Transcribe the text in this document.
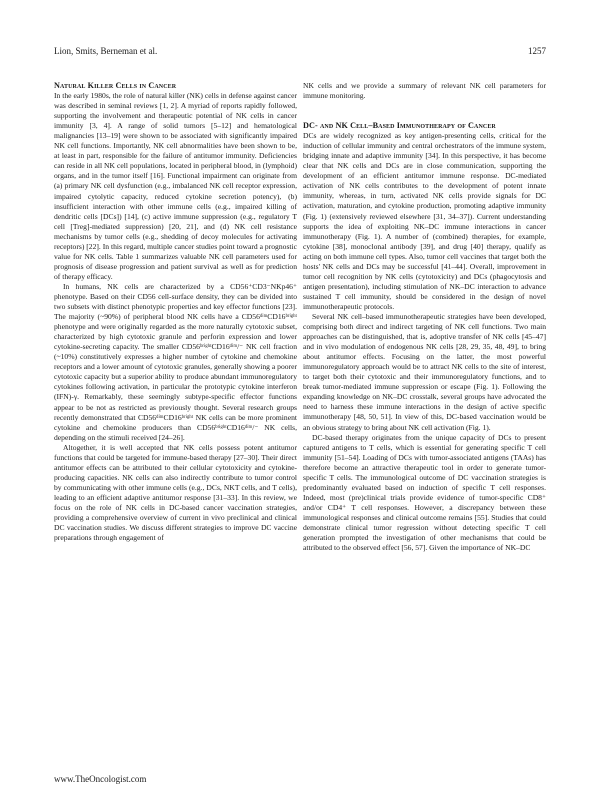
Lion, Smits, Berneman et al.	1257
Natural Killer Cells in Cancer

In the early 1980s, the role of natural killer (NK) cells in defense against cancer was described in seminal reviews [1, 2]. A myriad of reports rapidly followed, supporting the involvement and therapeutic potential of NK cells in cancer immunity [3, 4]. A range of solid tumors [5–12] and hematological malignancies [13–19] were shown to be associated with significantly impaired NK cell functions. Importantly, NK cell abnormalities have been shown to be, at least in part, responsible for the failure of antitumor immunity. Deficiencies can reside in all NK cell populations, located in peripheral blood, in (lymphoid) organs, and in the tumor itself [16]. Functional impairment can originate from (a) primary NK cell dysfunction (e.g., imbalanced NK cell receptor expression, impaired cytolytic capacity, reduced cytokine secretion potency), (b) insufficient interaction with other immune cells (e.g., impaired killing of dendritic cells [DCs]) [14], (c) active immune suppression (e.g., regulatory T cell [Treg]-mediated suppression) [20, 21], and (d) NK cell resistance mechanisms by tumor cells (e.g., shedding of decoy molecules for activating receptors) [22]. In this regard, multiple cancer studies point toward a prognostic value for NK cells. Table 1 summarizes valuable NK cell parameters used for prognosis of disease progression and patient survival as well as for prediction of therapy efficacy.

In humans, NK cells are characterized by a CD56⁺CD3⁻NKp46⁺ phenotype. Based on their CD56 cell-surface density, they can be divided into two subsets with distinct phenotypic properties and key effector functions [23]. The majority (~90%) of peripheral blood NK cells have a CD56ᵈⁱᵐCD16ᵇʳⁱᵍʰᵗ phenotype and were originally regarded as the more naturally cytotoxic subset, characterized by high cytotoxic granule and perforin expression and lower cytokine-secreting capacity. The smaller CD56ᵇʳⁱᵍʰᵗCD16ᵈⁱᵐ/⁻ NK cell fraction (~10%) constitutively expresses a higher number of cytokine and chemokine receptors and a lower amount of cytotoxic granules, generally showing a poorer cytotoxic capacity but a superior ability to produce abundant immunoregulatory cytokines following activation, in particular the prototypic cytokine interferon (IFN)-γ. Remarkably, these seemingly subtype-specific effector functions appear to be not as restricted as previously thought. Several research groups recently demonstrated that CD56ᵈⁱᵐCD16ᵇʳⁱᵍʰᵗ NK cells can be more prominent cytokine and chemokine producers than CD56ᵇʳⁱᵍʰᵗCD16ᵈⁱᵐ/⁻ NK cells, depending on the stimuli received [24–26].

Altogether, it is well accepted that NK cells possess potent antitumor functions that could be targeted for immune-based therapy [27–30]. Their direct antitumor effects can be attributed to their cellular cytotoxicity and cytokine-producing capacities. NK cells can also indirectly contribute to tumor control by communicating with other immune cells (e.g., DCs, NKT cells, and T cells), leading to an efficient adaptive antitumor response [31–33]. In this review, we focus on the role of NK cells in DC-based cancer vaccination strategies, providing a comprehensive overview of current in vivo preclinical and clinical DC vaccination studies. We discuss different strategies to improve DC vaccine preparations through engagement of

NK cells and we provide a summary of relevant NK cell parameters for immune monitoring.

DC- and NK Cell–Based Immunotherapy of Cancer

DCs are widely recognized as key antigen-presenting cells, critical for the induction of cellular immunity and central orchestrators of the immune system, bridging innate and adaptive immunity [34]. In this perspective, it has become clear that NK cells and DCs are in close communication, supporting the development of an efficient antitumor immune response. DC-mediated activation of NK cells contributes to the development of potent innate immunity, whereas, in turn, activated NK cells provide signals for DC activation, maturation, and cytokine production, promoting adaptive immunity (Fig. 1) (extensively reviewed elsewhere [31, 34–37]). Current understanding supports the idea of exploiting NK–DC immune interactions in cancer immunotherapy (Fig. 1). A number of (combined) therapies, for example, cytokine [38], monoclonal antibody [39], and drug [40] therapy, qualify as acting on both immune cell types. Also, tumor cell vaccines that target both the hosts' NK cells and DCs may be successful [41–44]. Overall, improvement in tumor cell recognition by NK cells (cytotoxicity) and DCs (phagocytosis and antigen presentation), including stimulation of NK–DC interaction to advance sustained T cell immunity, should be considered in the design of novel immunotherapeutic protocols.

Several NK cell–based immunotherapeutic strategies have been developed, comprising both direct and indirect targeting of NK cell functions. Two main approaches can be distinguished, that is, adoptive transfer of NK cells [45–47] and in vivo modulation of endogenous NK cells [28, 29, 35, 48, 49], to bring about antitumor effects. Focusing on the latter, the most powerful immunoregulatory approach would be to attract NK cells to the site of interest, to target both their cytotoxic and their immunoregulatory functions, and to break tumor-mediated immune suppression or escape (Fig. 1). Following the expanding knowledge on NK–DC crosstalk, several groups have advocated the need to harness these immune interactions in the design of active specific immunotherapy [48, 50, 51]. In view of this, DC-based vaccination would be an obvious strategy to bring about NK cell activation (Fig. 1).

DC-based therapy originates from the unique capacity of DCs to present captured antigens to T cells, which is essential for generating specific T cell immunity [51–54]. Loading of DCs with tumor-associated antigens (TAAs) has therefore become an attractive therapeutic tool in order to generate tumor-specific T cells. The immunological outcome of DC vaccination strategies is predominantly evaluated based on induction of specific T cell responses. Indeed, most (pre)clinical trials provide evidence of tumor-specific CD8⁺ and/or CD4⁺ T cell responses. However, a discrepancy between these immunological responses and clinical outcome remains [55]. Studies that could demonstrate clinical tumor regression without detecting specific T cell generation prompted the investigation of other mechanisms that could be attributed to the observed effect [56, 57]. Given the importance of NK–DC

www.TheOncologist.com
